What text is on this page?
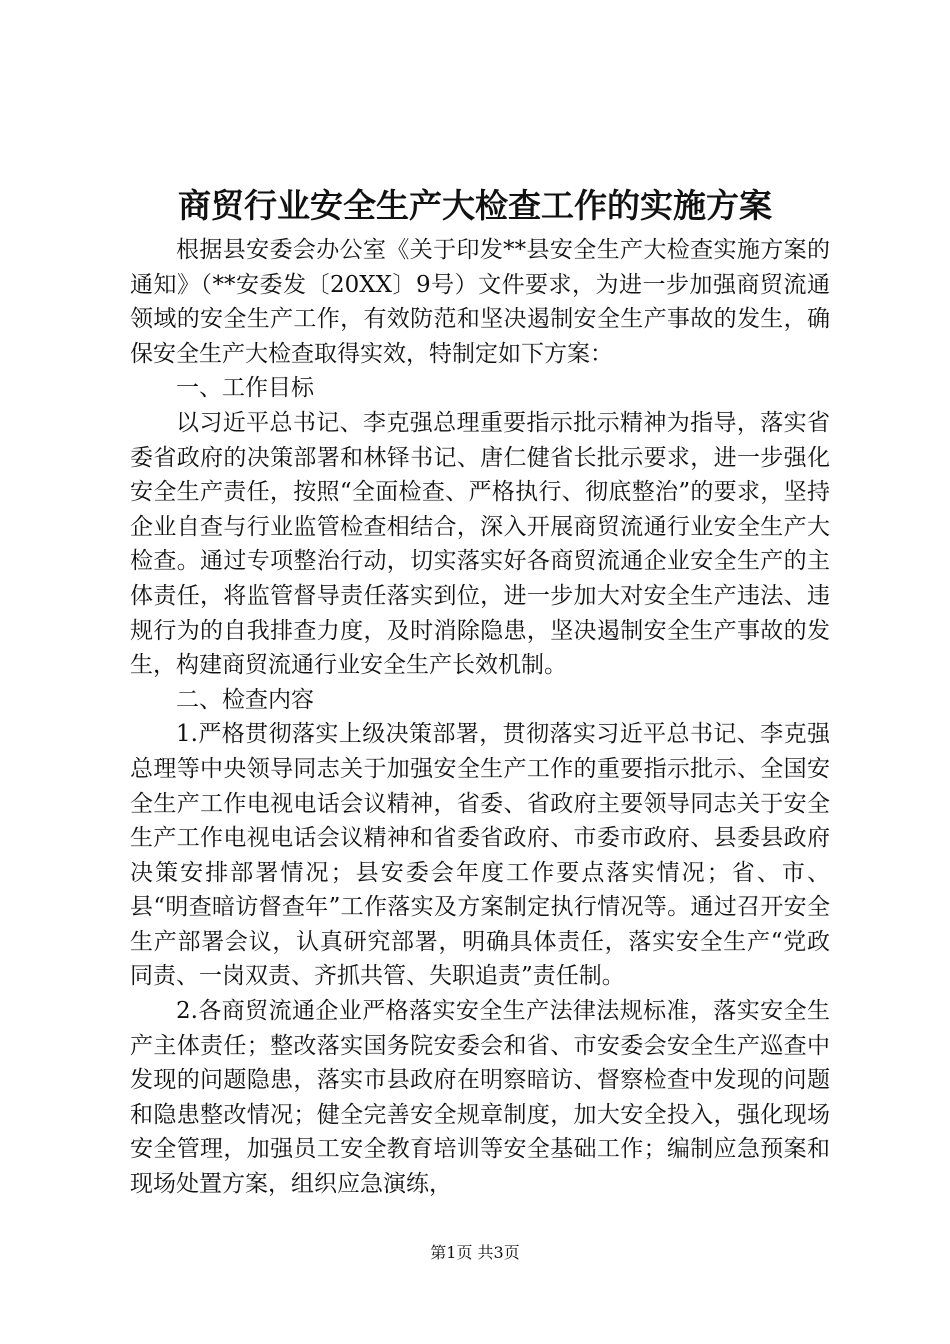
商贸行业安全生产大检查工作的实施方案

根据县安委会办公室《关于印发**县安全生产大检查实施方案的通知》（**安委发〔20XX〕9号）文件要求，为进一步加强商贸流通领域的安全生产工作，有效防范和坚决遏制安全生产事故的发生，确保安全生产大检查取得实效，特制定如下方案：

一、工作目标

以习近平总书记、李克强总理重要指示批示精神为指导，落实省委省政府的决策部署和林铎书记、唐仁健省长批示要求，进一步强化安全生产责任，按照“全面检查、严格执行、彻底整治”的要求，坚持企业自查与行业监管检查相结合，深入开展商贸流通行业安全生产大检查。通过专项整治行动，切实落实好各商贸流通企业安全生产的主体责任，将监管督导责任落实到位，进一步加大对安全生产违法、违规行为的自我排查力度，及时消除隐患，坚决遏制安全生产事故的发生，构建商贸流通行业安全生产长效机制。

二、检查内容

1.严格贯彻落实上级决策部署，贯彻落实习近平总书记、李克强总理等中央领导同志关于加强安全生产工作的重要指示批示、全国安全生产工作电视电话会议精神，省委、省政府主要领导同志关于安全生产工作电视电话会议精神和省委省政府、市委市政府、县委县政府决策安排部署情况；县安委会年度工作要点落实情况；省、市、县“明查暗访督查年”工作落实及方案制定执行情况等。通过召开安全生产部署会议，认真研究部署，明确具体责任，落实安全生产“党政同责、一岗双责、齐抓共管、失职追责”责任制。

2.各商贸流通企业严格落实安全生产法律法规标准，落实安全生产主体责任；整改落实国务院安委会和省、市安委会安全生产巡查中发现的问题隐患，落实市县政府在明察暗访、督察检查中发现的问题和隐患整改情况；健全完善安全规章制度，加大安全投入，强化现场安全管理，加强员工安全教育培训等安全基础工作；编制应急预案和现场处置方案，组织应急演练，

第1页 共3页
